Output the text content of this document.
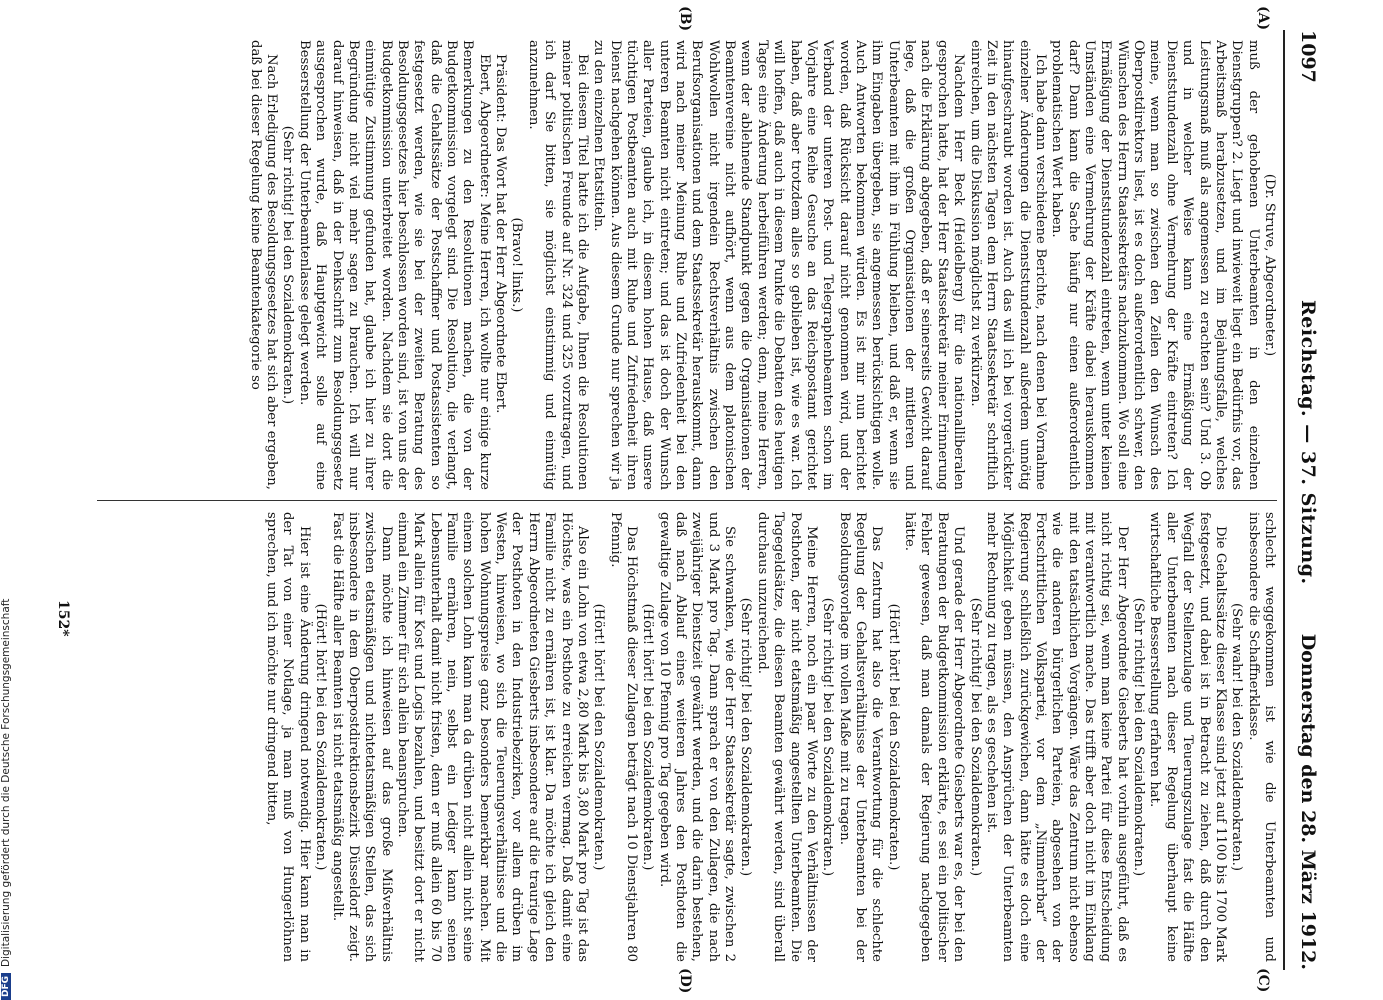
1097
Reichstag. — 37. Sitzung.
Donnerstag den 28. März 1912.
(A)
(B)
(C)
(D)

(Dr. Struve, Abgeordneter.)

muß der gehobenen Unterbeamten in den einzelnen Dienstgruppen? 2. Liegt und inwieweit liegt ein Bedürfnis vor, das Arbeitsmaß herabzusetzen, und im Bejahungsfalle, welches Leistungsmaß muß als angemessen zu erachten sein? Und 3. Ob und in welcher Weise kann eine Ermäßigung der Dienststundenzahl ohne Vermehrung der Kräfte eintreten? Ich meine, wenn man so zwischen den Zeilen den Wunsch des Oberpostdirektors liest, ist es doch außerordentlich schwer, den Wünschen des Herrn Staatssekretärs nachzukommen. Wo soll eine Ermäßigung der Dienststundenzahl eintreten, wenn unter keinen Umständen eine Vermehrung der Kräfte dabei herauskommen darf? Dann kann die Sache häufig nur einen außerordentlich problematischen Wert haben.

Ich habe dann verschiedene Berichte, nach denen bei Vornahme einzelner Änderungen die Dienststundenzahl außerdem unnötig hinaufgeschraubt worden ist. Auch das will ich bei vorgerückter Zeit in den nächsten Tagen dem Herrn Staatssekretär schriftlich einreichen, um die Diskussion möglichst zu verkürzen.

Nachdem Herr Beck (Heidelberg) für die nationalliberalen gesprochen hatte, hat der Herr Staatssekretär meiner Erinnerung nach die Erklärung abgegeben, daß er seinerseits Gewicht darauf lege, daß die großen Organisationen der mittleren und Unterbeamten mit ihm in Fühlung bleiben, und daß er, wenn sie ihm Eingaben übergeben, sie angemessen berücksichtigen wolle. Auch Antworten bekommen würden. Es ist mir nun berichtet worden, daß Rücksicht darauf nicht genommen wird, und der Verband der unteren Post- und Telegraphenbeamten schon im Vorjahre eine Reihe Gesuche an das Reichspostamt gerichtet haben, daß aber trotzdem alles so geblieben ist, wie es war. Ich will hoffen, daß auch in diesem Punkte die Debatten des heutigen Tages eine Änderung herbeiführen werden; denn, meine Herren, wenn der ablehnende Standpunkt gegen die Organisationen der Beamtenvereine nicht aufhört, wenn aus dem platonischen Wohlwollen nicht irgendein Rechtsverhältnis zwischen den Berufsorganisationen und dem Staatssekretär herauskommt, dann wird nach meiner Meinung Ruhe und Zufriedenheit bei den unteren Beamten nicht eintreten; und das ist doch der Wunsch aller Parteien, glaube ich, in diesem hohen Hause, daß unsere tüchtigen Postbeamten auch mit Ruhe und Zufriedenheit ihren Dienst nachgehen können. Aus diesem Grunde nur sprechen wir ja zu den einzelnen Etatstiteln.

Bei diesem Titel hatte ich die Aufgabe, Ihnen die Resolutionen meiner politischen Freunde auf Nr. 324 und 325 vorzutragen, und ich darf Sie bitten, sie möglichst einstimmig und einmütig anzunehmen.

(Bravo! links.)

Präsident: Das Wort hat der Herr Abgeordnete Ebert.

Ebert, Abgeordneter: Meine Herren, ich wollte nur einige kurze Bemerkungen zu den Resolutionen machen, die von der Budgetkommission vorgelegt sind. Die Resolution, die verlangt, daß die Gehaltssätze der Postschaffner und Postassistenten so festgesetzt werden, wie sie bei der zweiten Beratung des Besoldungsgesetzes hier beschlossen worden sind, ist von uns der Budgetkommission unterbreitet worden. Nachdem sie dort die einmütige Zustimmung gefunden hat, glaube ich hier zu ihrer Begründung nicht viel mehr sagen zu brauchen. Ich will nur darauf hinweisen, daß in der Denkschrift zum Besoldungsgesetz ausgesprochen wurde, daß Hauptgewicht solle auf eine Besserstellung der Unterbeamtenlasse gelegt werden.

(Sehr richtig! bei den Sozialdemokraten.)

Nach Erledigung des Besoldungsgesetzes hat sich aber ergeben, daß bei dieser Regelung keine Beamtenkategorie so

schlecht weggekommen ist wie die Unterbeamten und insbesondere die Schaffnerklasse.

(Sehr wahr! bei den Sozialdemokraten.)

Die Gehaltssätze dieser Klasse sind jetzt auf 1100 bis 1700 Mark festgesetzt, und dabei ist in Betracht zu ziehen, daß durch den Wegfall der Stellenzulage und Teuerungszulage fast die Hälfte aller Unterbeamten nach dieser Regelung überhaupt keine wirtschaftliche Besserstellung erfahren hat.

(Sehr richtig! bei den Sozialdemokraten.)

Der Herr Abgeordnete Giesberts hat vorhin ausgeführt, daß es nicht richtig sei, wenn man keine Partei für diese Entscheidung mit verantwortlich mache. Das trifft aber doch nicht im Einklang mit den tatsächlichen Vorgängen. Wäre das Zentrum nicht ebenso wie die anderen bürgerlichen Parteien, abgesehen von der Fortschrittlichen Volkspartei, vor dem „Nimmehrbar“ der Regierung schließlich zurückgewichen, dann hätte es doch eine Möglichkeit geben müssen, den Ansprüchen der Unterbeamten mehr Rechnung zu tragen, als es geschehen ist.

(Sehr richtig! bei den Sozialdemokraten.)

Und gerade der Herr Abgeordnete Giesberts war es, der bei den Beratungen der Budgetkommission erklärte, es sei ein politischer Fehler gewesen, daß man damals der Regierung nachgegeben hätte.

(Hört! hört! bei den Sozialdemokraten.)

Das Zentrum hat also die Verantwortung für die schlechte Regelung der Gehaltsverhältnisse der Unterbeamten bei der Besoldungsvorlage im vollen Maße mit zu tragen.

(Sehr richtig! bei den Sozialdemokraten.)

Meine Herren, noch ein paar Worte zu den Verhältnissen der Posthoten, der nicht etatsmäßig angestellten Unterbeamten. Die Tagegeldsätze, die diesen Beamten gewährt werden, sind überall durchaus unzureichend.

(Sehr richtig! bei den Sozialdemokraten.)

Sie schwanken, wie der Herr Staatssekretär sagte, zwischen 2 und 3 Mark pro Tag. Dann sprach er von den Zulagen, die nach zweijähriger Dienstzeit gewährt werden, und die darin bestehen, daß nach Ablauf eines weiteren Jahres den Posthoten die gewaltige Zulage von 10 Pfennig pro Tag gegeben wird.

(Hört! hört! bei den Sozialdemokraten.)

Das Höchstmaß dieser Zulagen beträgt nach 10 Dienstjahren 80 Pfennig.

(Hört! hört! bei den Sozialdemokraten.)

Also ein Lohn von etwa 2,80 Mark bis 3,80 Mark pro Tag ist das Höchste, was ein Posthote zu erreichen vermag. Daß damit eine Familie nicht zu ernähren ist, ist klar. Da möchte ich gleich den Herrn Abgeordneten Giesberts insbesondere auf die traurige Lage der Posthoten in den Industriebezirken, vor allem drüben im Westen, hinweisen, wo sich die Teuerungsverhältnisse und die hohen Wohnungspreise ganz besonders bemerkbar machen. Mit einem solchen Lohn kann man da drüben nicht allein nicht seine Familie ernähren, nein, selbst ein Lediger kann seinen Lebensunterhalt damit nicht fristen, denn er muß allein 60 bis 70 Mark allein für Kost und Logis bezahlen, und besitzt dort er nicht einmal ein Zimmer für sich allein beanspruchen.

Dann möchte ich hinweisen auf das große Mißverhältnis zwischen etatsmäßigen und nichtetatsmäßigen Stellen, das sich insbesondere in dem Oberpostdirektionsbezirk Düsseldorf zeigt. Fast die Hälfte aller Beamten ist nicht etatsmäßig angestellt.

(Hört! hört! bei den Sozialdemokraten.)

Hier ist eine Änderung dringend notwendig. Hier kann man in der Tat von einer Notlage, ja man muß von Hungerlöhnen sprechen, und ich möchte nur dringend bitten,

152*
DFGDigitalisierung gefördert durch die Deutsche Forschungsgemeinschaft
